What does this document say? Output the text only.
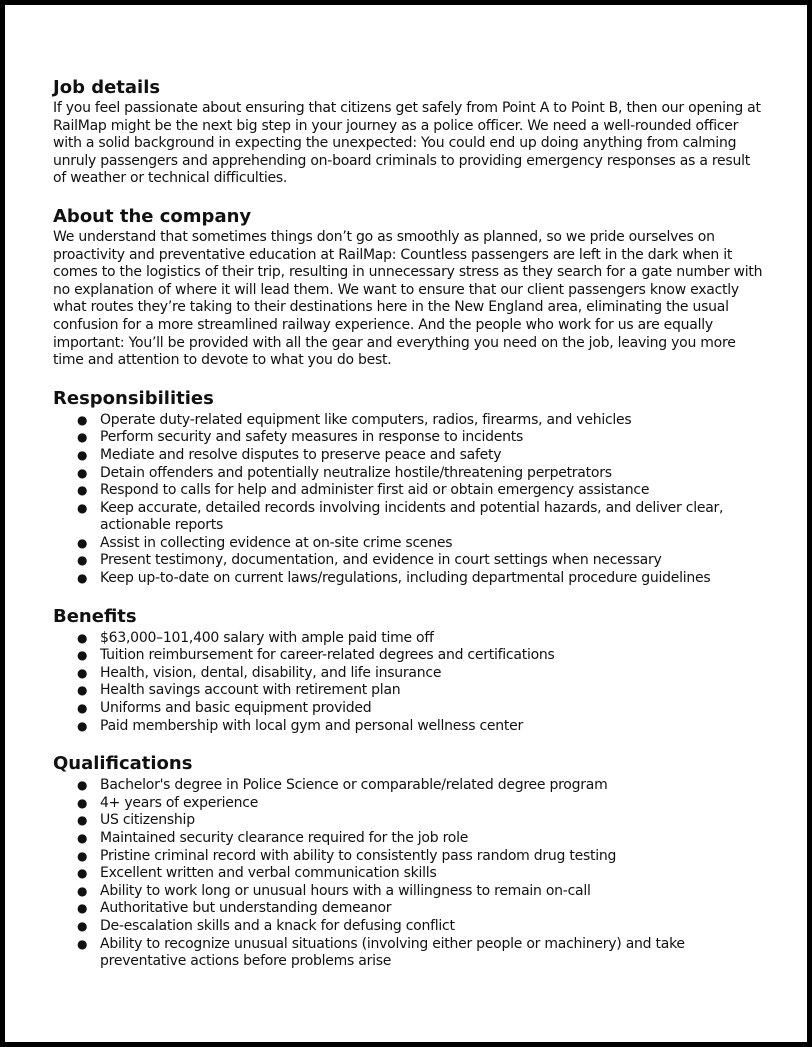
Job details

If you feel passionate about ensuring that citizens get safely from Point A to Point B, then our opening at RailMap might be the next big step in your journey as a police officer. We need a well-rounded officer with a solid background in expecting the unexpected: You could end up doing anything from calming unruly passengers and apprehending on-board criminals to providing emergency responses as a result of weather or technical difficulties.

About the company

We understand that sometimes things don’t go as smoothly as planned, so we pride ourselves on proactivity and preventative education at RailMap: Countless passengers are left in the dark when it comes to the logistics of their trip, resulting in unnecessary stress as they search for a gate number with no explanation of where it will lead them. We want to ensure that our client passengers know exactly what routes they’re taking to their destinations here in the New England area, eliminating the usual confusion for a more streamlined railway experience. And the people who work for us are equally important: You’ll be provided with all the gear and everything you need on the job, leaving you more time and attention to devote to what you do best.

Responsibilities
● Operate duty-related equipment like computers, radios, firearms, and vehicles
● Perform security and safety measures in response to incidents
● Mediate and resolve disputes to preserve peace and safety
● Detain offenders and potentially neutralize hostile/threatening perpetrators
● Respond to calls for help and administer first aid or obtain emergency assistance
● Keep accurate, detailed records involving incidents and potential hazards, and deliver clear, actionable reports
● Assist in collecting evidence at on-site crime scenes
● Present testimony, documentation, and evidence in court settings when necessary
● Keep up-to-date on current laws/regulations, including departmental procedure guidelines
Benefits
● $63,000–101,400 salary with ample paid time off
● Tuition reimbursement for career-related degrees and certifications
● Health, vision, dental, disability, and life insurance
● Health savings account with retirement plan
● Uniforms and basic equipment provided
● Paid membership with local gym and personal wellness center
Qualifications
● Bachelor's degree in Police Science or comparable/related degree program
● 4+ years of experience
● US citizenship
● Maintained security clearance required for the job role
● Pristine criminal record with ability to consistently pass random drug testing
● Excellent written and verbal communication skills
● Ability to work long or unusual hours with a willingness to remain on-call
● Authoritative but understanding demeanor
● De-escalation skills and a knack for defusing conflict
● Ability to recognize unusual situations (involving either people or machinery) and take preventative actions before problems arise
